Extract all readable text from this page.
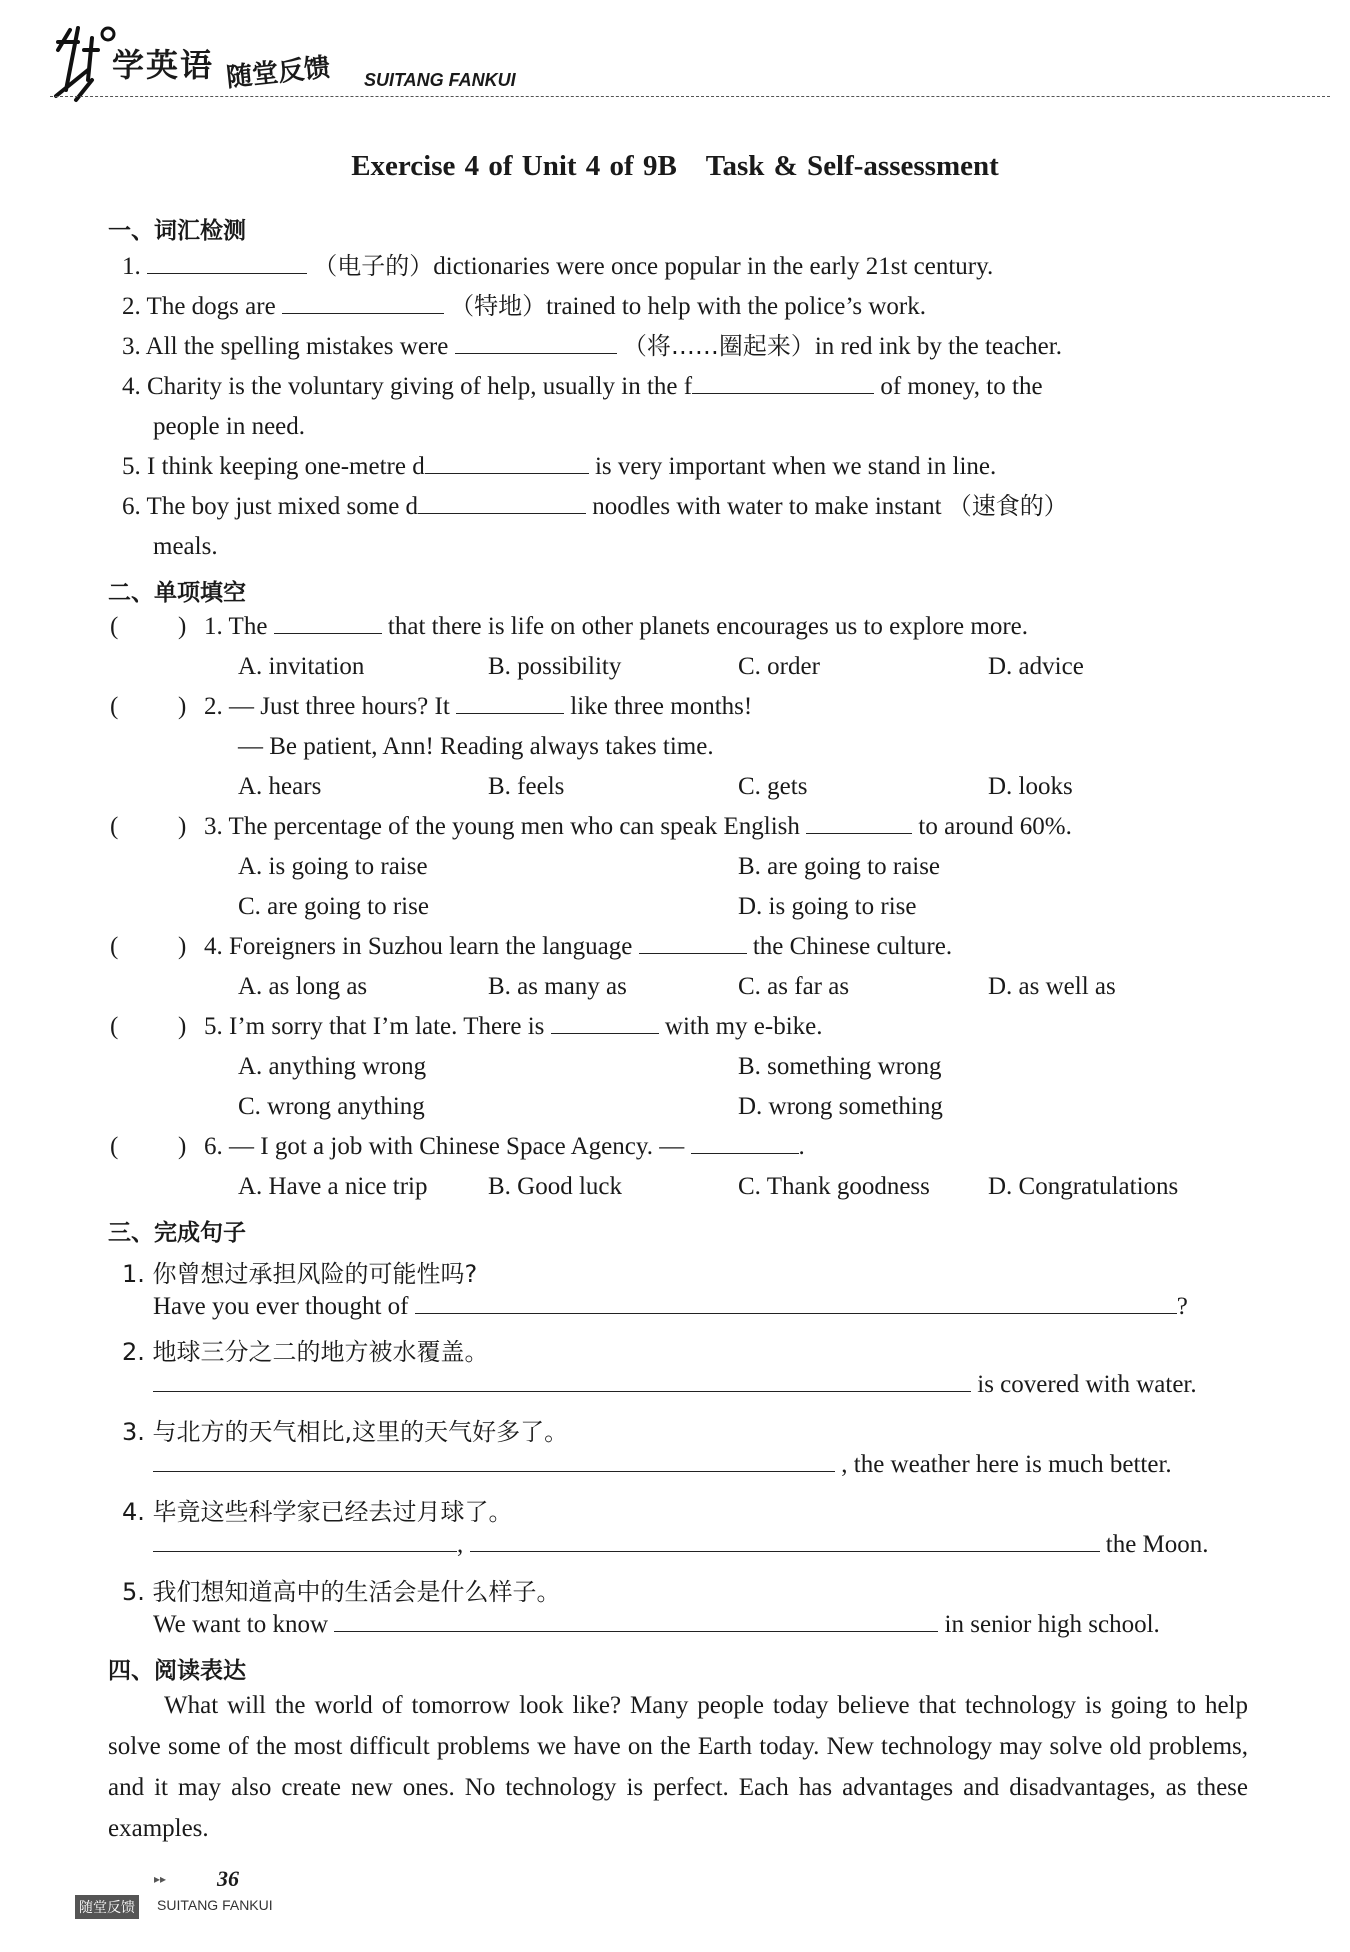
学英语 随堂反馈 SUITANG FANKUI
Exercise 4 of Unit 4 of 9B　Task & Self-assessment
一、词汇检测
1.	（电子的）dictionaries were once popular in the early 21st century.
2. The dogs are	（特地）trained to help with the police’s work.
3. All the spelling mistakes were	（将……圈起来）in red ink by the teacher.
4. Charity is the voluntary giving of help, usually in the f	of money, to the
people in need.
5. I think keeping one-metre d	is very important when we stand in line.
6. The boy just mixed some d	noodles with water to make instant （速食的）
meals.
二、单项填空
( ) 1. The	that there is life on other planets encourages us to explore more.
A. invitation	B. possibility	C. order	D. advice
( ) 2. — Just three hours? It	like three months!
— Be patient, Ann! Reading always takes time.
A. hears	B. feels	C. gets	D. looks
( ) 3. The percentage of the young men who can speak English	to around 60%.
A. is going to raise	B. are going to raise
C. are going to rise	D. is going to rise
( ) 4. Foreigners in Suzhou learn the language	the Chinese culture.
A. as long as	B. as many as	C. as far as	D. as well as
( ) 5. I’m sorry that I’m late. There is	with my e-bike.
A. anything wrong	B. something wrong
C. wrong anything	D. wrong something
( ) 6. — I got a job with Chinese Space Agency. —	.
A. Have a nice trip B. Good luck	C. Thank goodness D. Congratulations
三、完成句子
1. 你曾想过承担风险的可能性吗?
Have you ever thought of	?
2. 地球三分之二的地方被水覆盖。
is covered with water.
3. 与北方的天气相比,这里的天气好多了。
, the weather here is much better.
4. 毕竟这些科学家已经去过月球了。
,	the Moon.
5. 我们想知道高中的生活会是什么样子。
We want to know	in senior high school.
四、阅读表达
What will the world of tomorrow look like? Many people today believe that technology is going to help solve some of the most difficult problems we have on the Earth today. New technology may solve old problems, and it may also create new ones. No technology is perfect. Each has advantages and disadvantages, as these examples.
▸▸ 36
随堂反馈 SUITANG FANKUI
